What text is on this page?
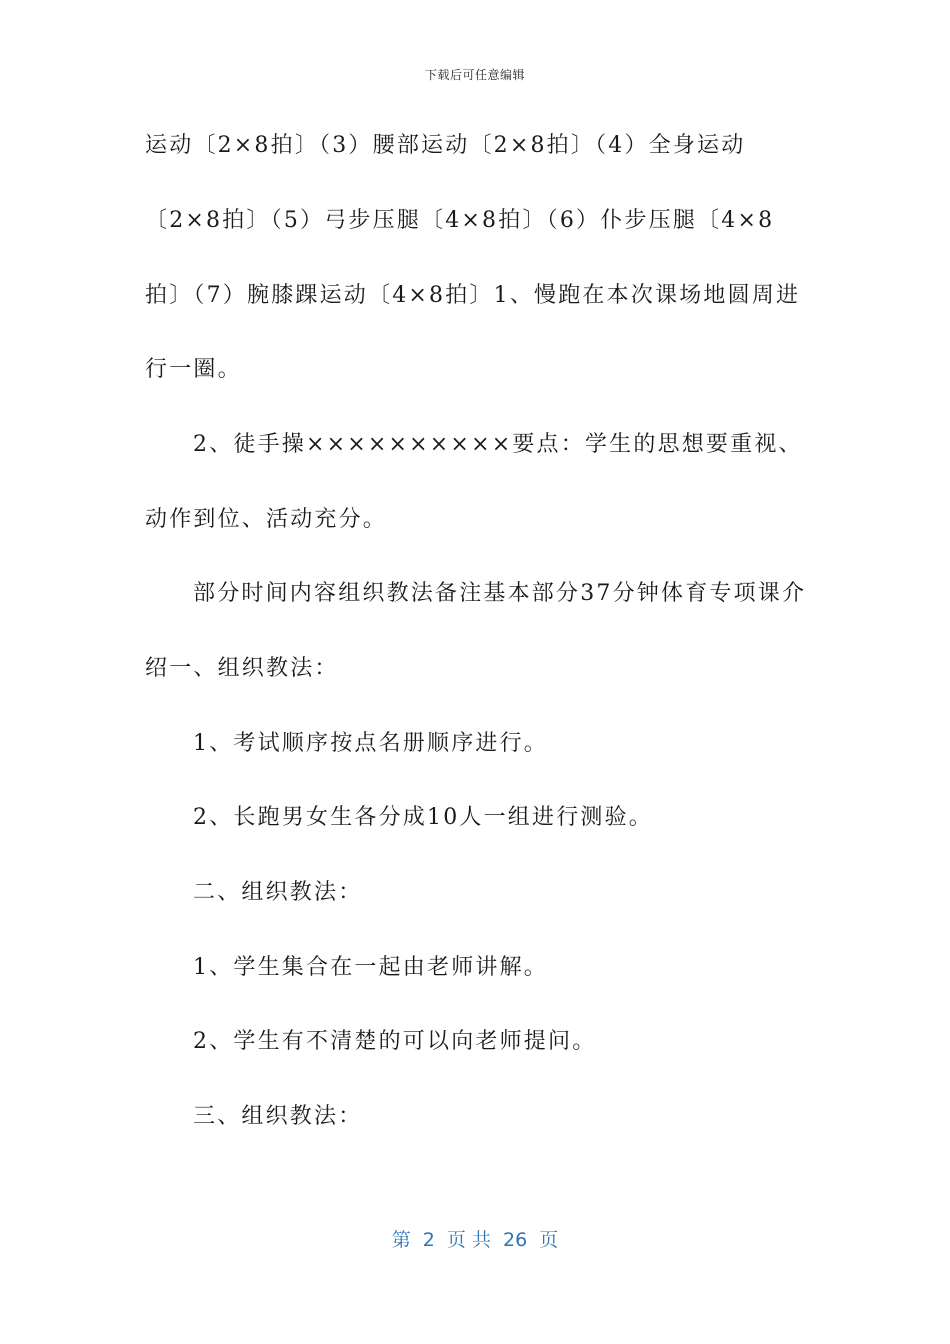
下载后可任意编辑
运动〔2×8拍〕（3）腰部运动〔2×8拍〕（4）全身运动
〔2×8拍〕（5）弓步压腿〔4×8拍〕（6）仆步压腿〔4×8
拍〕（7）腕膝踝运动〔4×8拍〕1、慢跑在本次课场地圆周进
行一圈。
2、徒手操××××××××××要点：学生的思想要重视、
动作到位、活动充分。
部分时间内容组织教法备注基本部分37分钟体育专项课介
绍一、组织教法：
1、考试顺序按点名册顺序进行。
2、长跑男女生各分成10人一组进行测验。
二、组织教法：
1、学生集合在一起由老师讲解。
2、学生有不清楚的可以向老师提问。
三、组织教法：
第  2  页 共  26  页
